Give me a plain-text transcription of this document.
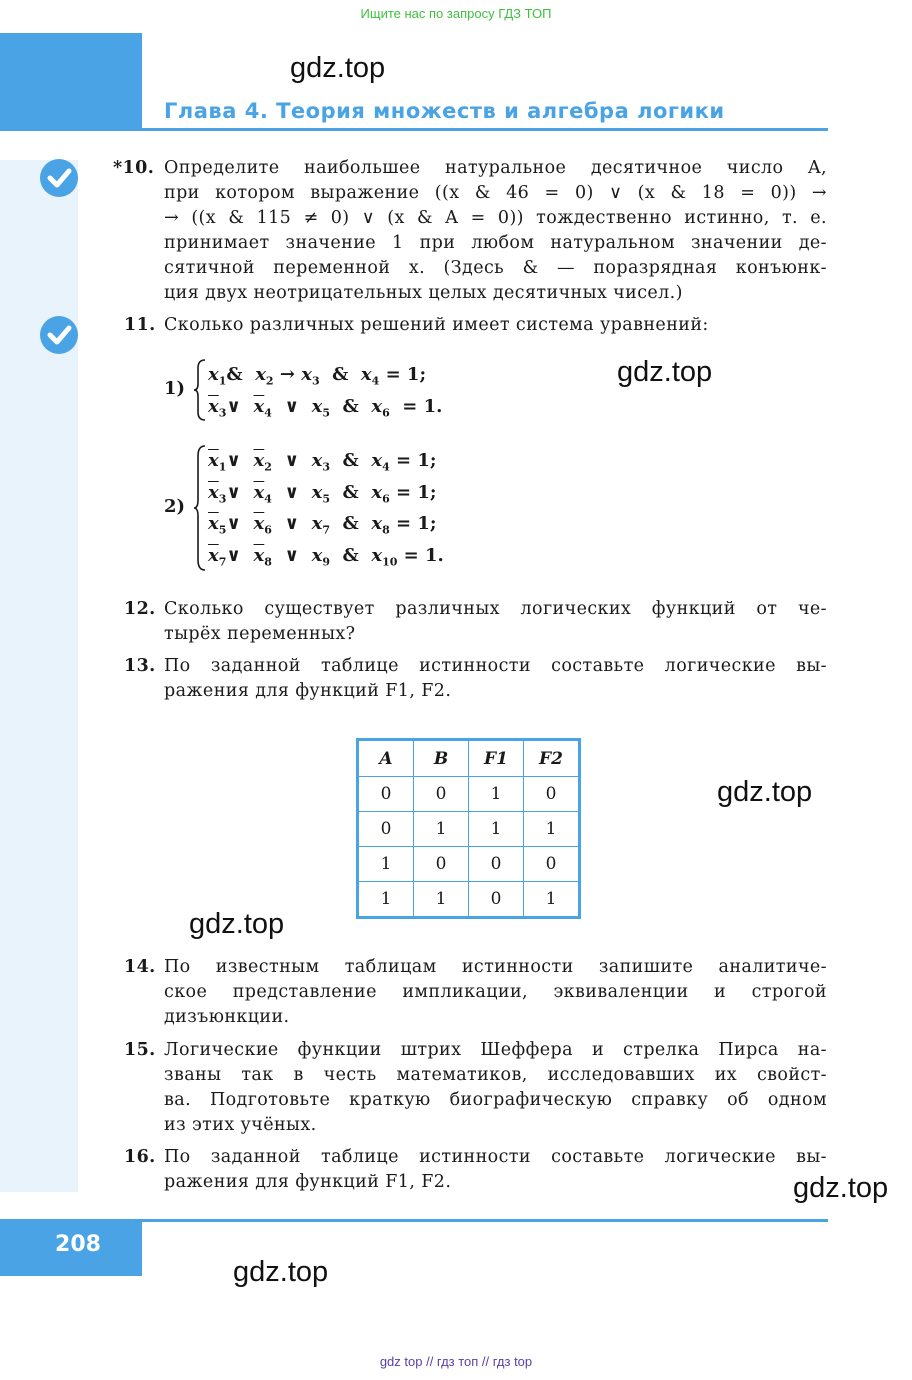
Ищите нас по запросу ГДЗ ТОП
gdz.top
Глава 4. Теория множеств и алгебра логики
*10. Определите наибольшее натуральное десятичное число A,
при котором выражение ((x & 46 = 0) ∨ (x & 18 = 0)) →
→ ((x & 115 ≠ 0) ∨ (x & A = 0)) тождественно истинно, т. е.
принимает значение 1 при любом натуральном значении де-
сятичной переменной x. (Здесь & — поразрядная конъюнк-
ция двух неотрицательных целых десятичных чисел.)
11. Сколько различных решений имеет система уравнений:
1)
$x_1\&$  $x_2 \to x_3$  &  $x_4 = 1$;
$\overline{x}_3\vee$  $\overline{x}_4$  ∨  $x_5$  &  $x_6 = 1$.
gdz.top
2)
$\overline{x}_1\vee$  $\overline{x}_2$  ∨  $x_3$  &  $x_4 = 1$;
$\overline{x}_3\vee$  $\overline{x}_4$  ∨  $x_5$  &  $x_6 = 1$;
$\overline{x}_5\vee$  $\overline{x}_6$  ∨  $x_7$  &  $x_8 = 1$;
$\overline{x}_7\vee$  $\overline{x}_8$  ∨  $x_9$  &  $x_{10} = 1$.
12. Сколько существует различных логических функций от че-
тырёх переменных?
13. По заданной таблице истинности составьте логические вы-
ражения для функций F1, F2.
A	B	F1	F2
0	0	1	0
0	1	1	1
1	0	0	0
1	1	0	1
gdz.top
gdz.top
14. По известным таблицам истинности запишите аналитиче-
ское представление импликации, эквиваленции и строгой
дизъюнкции.
15. Логические функции штрих Шеффера и стрелка Пирса на-
званы так в честь математиков, исследовавших их свойст-
ва. Подготовьте краткую биографическую справку об одном
из этих учёных.
16. По заданной таблице истинности составьте логические вы-
ражения для функций F1, F2.	gdz.top
208
gdz.top
gdz top // гдз топ // гдз top
